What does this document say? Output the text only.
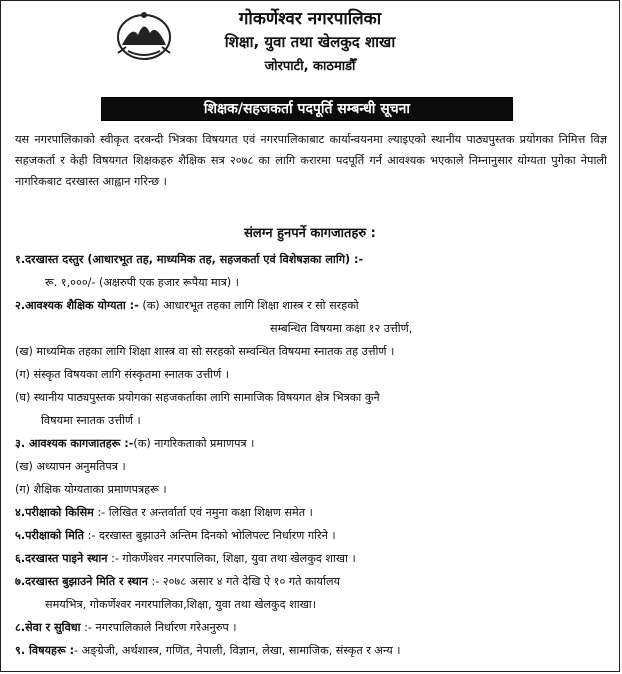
गोकर्णेश्वर नगरपालिका
शिक्षा, युवा तथा खेलकुद शाखा
जोरपाटी, काठमाडौँ
शिक्षक/सहजकर्ता पदपूर्ति सम्बन्धी सूचना
यस नगरपालिकाको स्वीकृत दरबन्दी भित्रका विषयगत एवं नगरपालिकाबाट कार्यान्वयनमा ल्याइएको स्थानीय पाठ्यपुस्तक प्रयोगका निमित्त विज्ञ सहजकर्ता र केही विषयगत शिक्षकहरु शैक्षिक सत्र २०७८ का लागि करारमा पदपूर्ति गर्न आवश्यक भएकाले निम्नानुसार योग्यता पुगेका नेपाली नागरिकबाट दरखास्त आह्वान गरिन्छ ।
संलग्न हुनपर्ने कागजातहरु :
१.दरखास्त दस्तुर (आधारभूत तह, माध्यमिक तह, सहजकर्ता एवं विशेषज्ञका लागि) :-
रू. १,०००/- (अक्षरुपी एक हजार रूपैया मात्र) ।
२.आवश्यक शैक्षिक योग्यता :- (क) आधारभूत तहका लागि शिक्षा शास्त्र र सो सरहको
सम्बन्धित विषयमा कक्षा १२ उत्तीर्ण,
(ख) माध्यमिक तहका लागि शिक्षा शास्त्र वा सो सरहको सम्वन्धित विषयमा स्नातक तह उत्तीर्ण ।
(ग) संस्कृत विषयका लागि संस्कृतमा स्नातक उत्तीर्ण ।
(घ) स्थानीय पाठ्यपुस्तक प्रयोगका सहजकर्ताका लागि सामाजिक विषयगत क्षेत्र भित्रका कुनै
विषयमा स्नातक उत्तीर्ण ।
३. आवश्यक कागजातहरू :-(क) नागरिकताको प्रमाणपत्र ।
(ख) अध्यापन अनुमतिपत्र ।
(ग) शैक्षिक योग्यताका प्रमाणपत्रहरू ।
४.परीक्षाको किसिम :- लिखित र अन्तर्वार्ता एवं नमुना कक्षा शिक्षण समेत ।
५.परीक्षाको मिति :- दरखास्त बुझाउने अन्तिम दिनको भोलिपल्ट निर्धारण गरिने ।
६.दरखास्त पाइने स्थान :- गोकर्णेश्वर नगरपालिका, शिक्षा, युवा तथा खेलकुद शाखा ।
७.दरखास्त बुझाउने मिति र स्थान :- २०७८ असार ४ गते देखि ऐ १० गते कार्यालय
समयभित्र, गोकर्णेश्वर नगरपालिका,शिक्षा, युवा तथा खेलकुद शाखा।
८.सेवा र सुविधा :- नगरपालिकाले निर्धारण गरेअनुरुप ।
९. विषयहरू :- अङ्ग्रेजी, अर्थशास्त्र, गणित, नेपाली, विज्ञान, लेखा, सामाजिक, संस्कृत र अन्य ।
